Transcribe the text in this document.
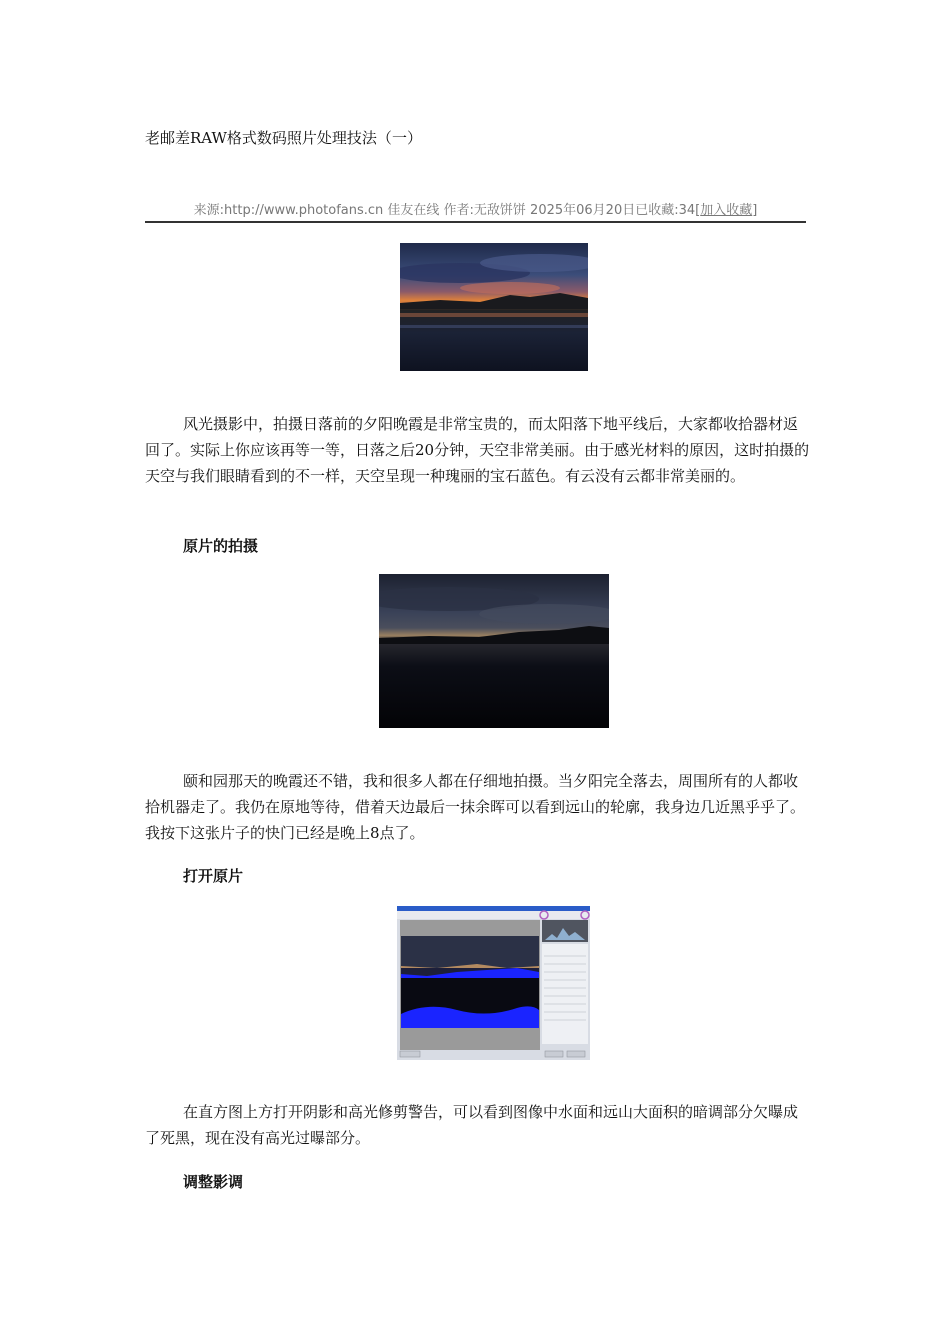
老邮差RAW格式数码照片处理技法（一）
来源:http://www.photofans.cn 佳友在线 作者:无敌饼饼 2025年06月20日已收藏:34[加入收藏]

风光摄影中，拍摄日落前的夕阳晚霞是非常宝贵的，而太阳落下地平线后，大家都收拾器材返回了。实际上你应该再等一等，日落之后20分钟，天空非常美丽。由于感光材料的原因，这时拍摄的天空与我们眼睛看到的不一样，天空呈现一种瑰丽的宝石蓝色。有云没有云都非常美丽的。

原片的拍摄

颐和园那天的晚霞还不错，我和很多人都在仔细地拍摄。当夕阳完全落去，周围所有的人都收拾机器走了。我仍在原地等待，借着天边最后一抹余晖可以看到远山的轮廓，我身边几近黑乎乎了。我按下这张片子的快门已经是晚上8点了。

打开原片

在直方图上方打开阴影和高光修剪警告，可以看到图像中水面和远山大面积的暗调部分欠曝成了死黑，现在没有高光过曝部分。

调整影调
